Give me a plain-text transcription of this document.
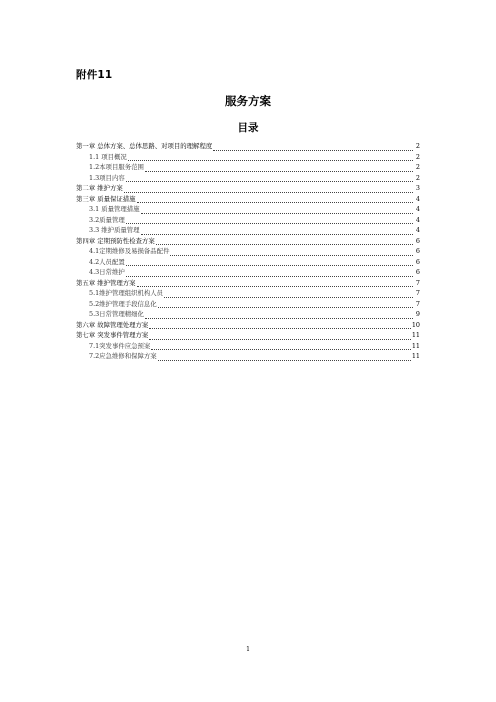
附件11
服务方案
目录
第一章 总体方案、总体思路、对项目的理解程度	2
1.1 项目概况	2
1.2本项目服务范围	2
1.3项目内容	2
第二章 维护方案	3
第三章 质量保证措施	4
3.1 质量管理措施	4
3.2质量管理	4
3.3 维护质量管理	4
第四章 定期预防性检查方案	6
4.1定期维修及易损备品配件	6
4.2人员配置	6
4.3日常维护	6
第五章 维护管理方案	7
5.1维护管理组织机构人员	7
5.2维护管理手段信息化	7
5.3日常管理精细化	9
第六章 故障管理处理方案	10
第七章 突发事件管理方案	11
7.1突发事件应急预案	11
7.2应急维修和保障方案	11
1
